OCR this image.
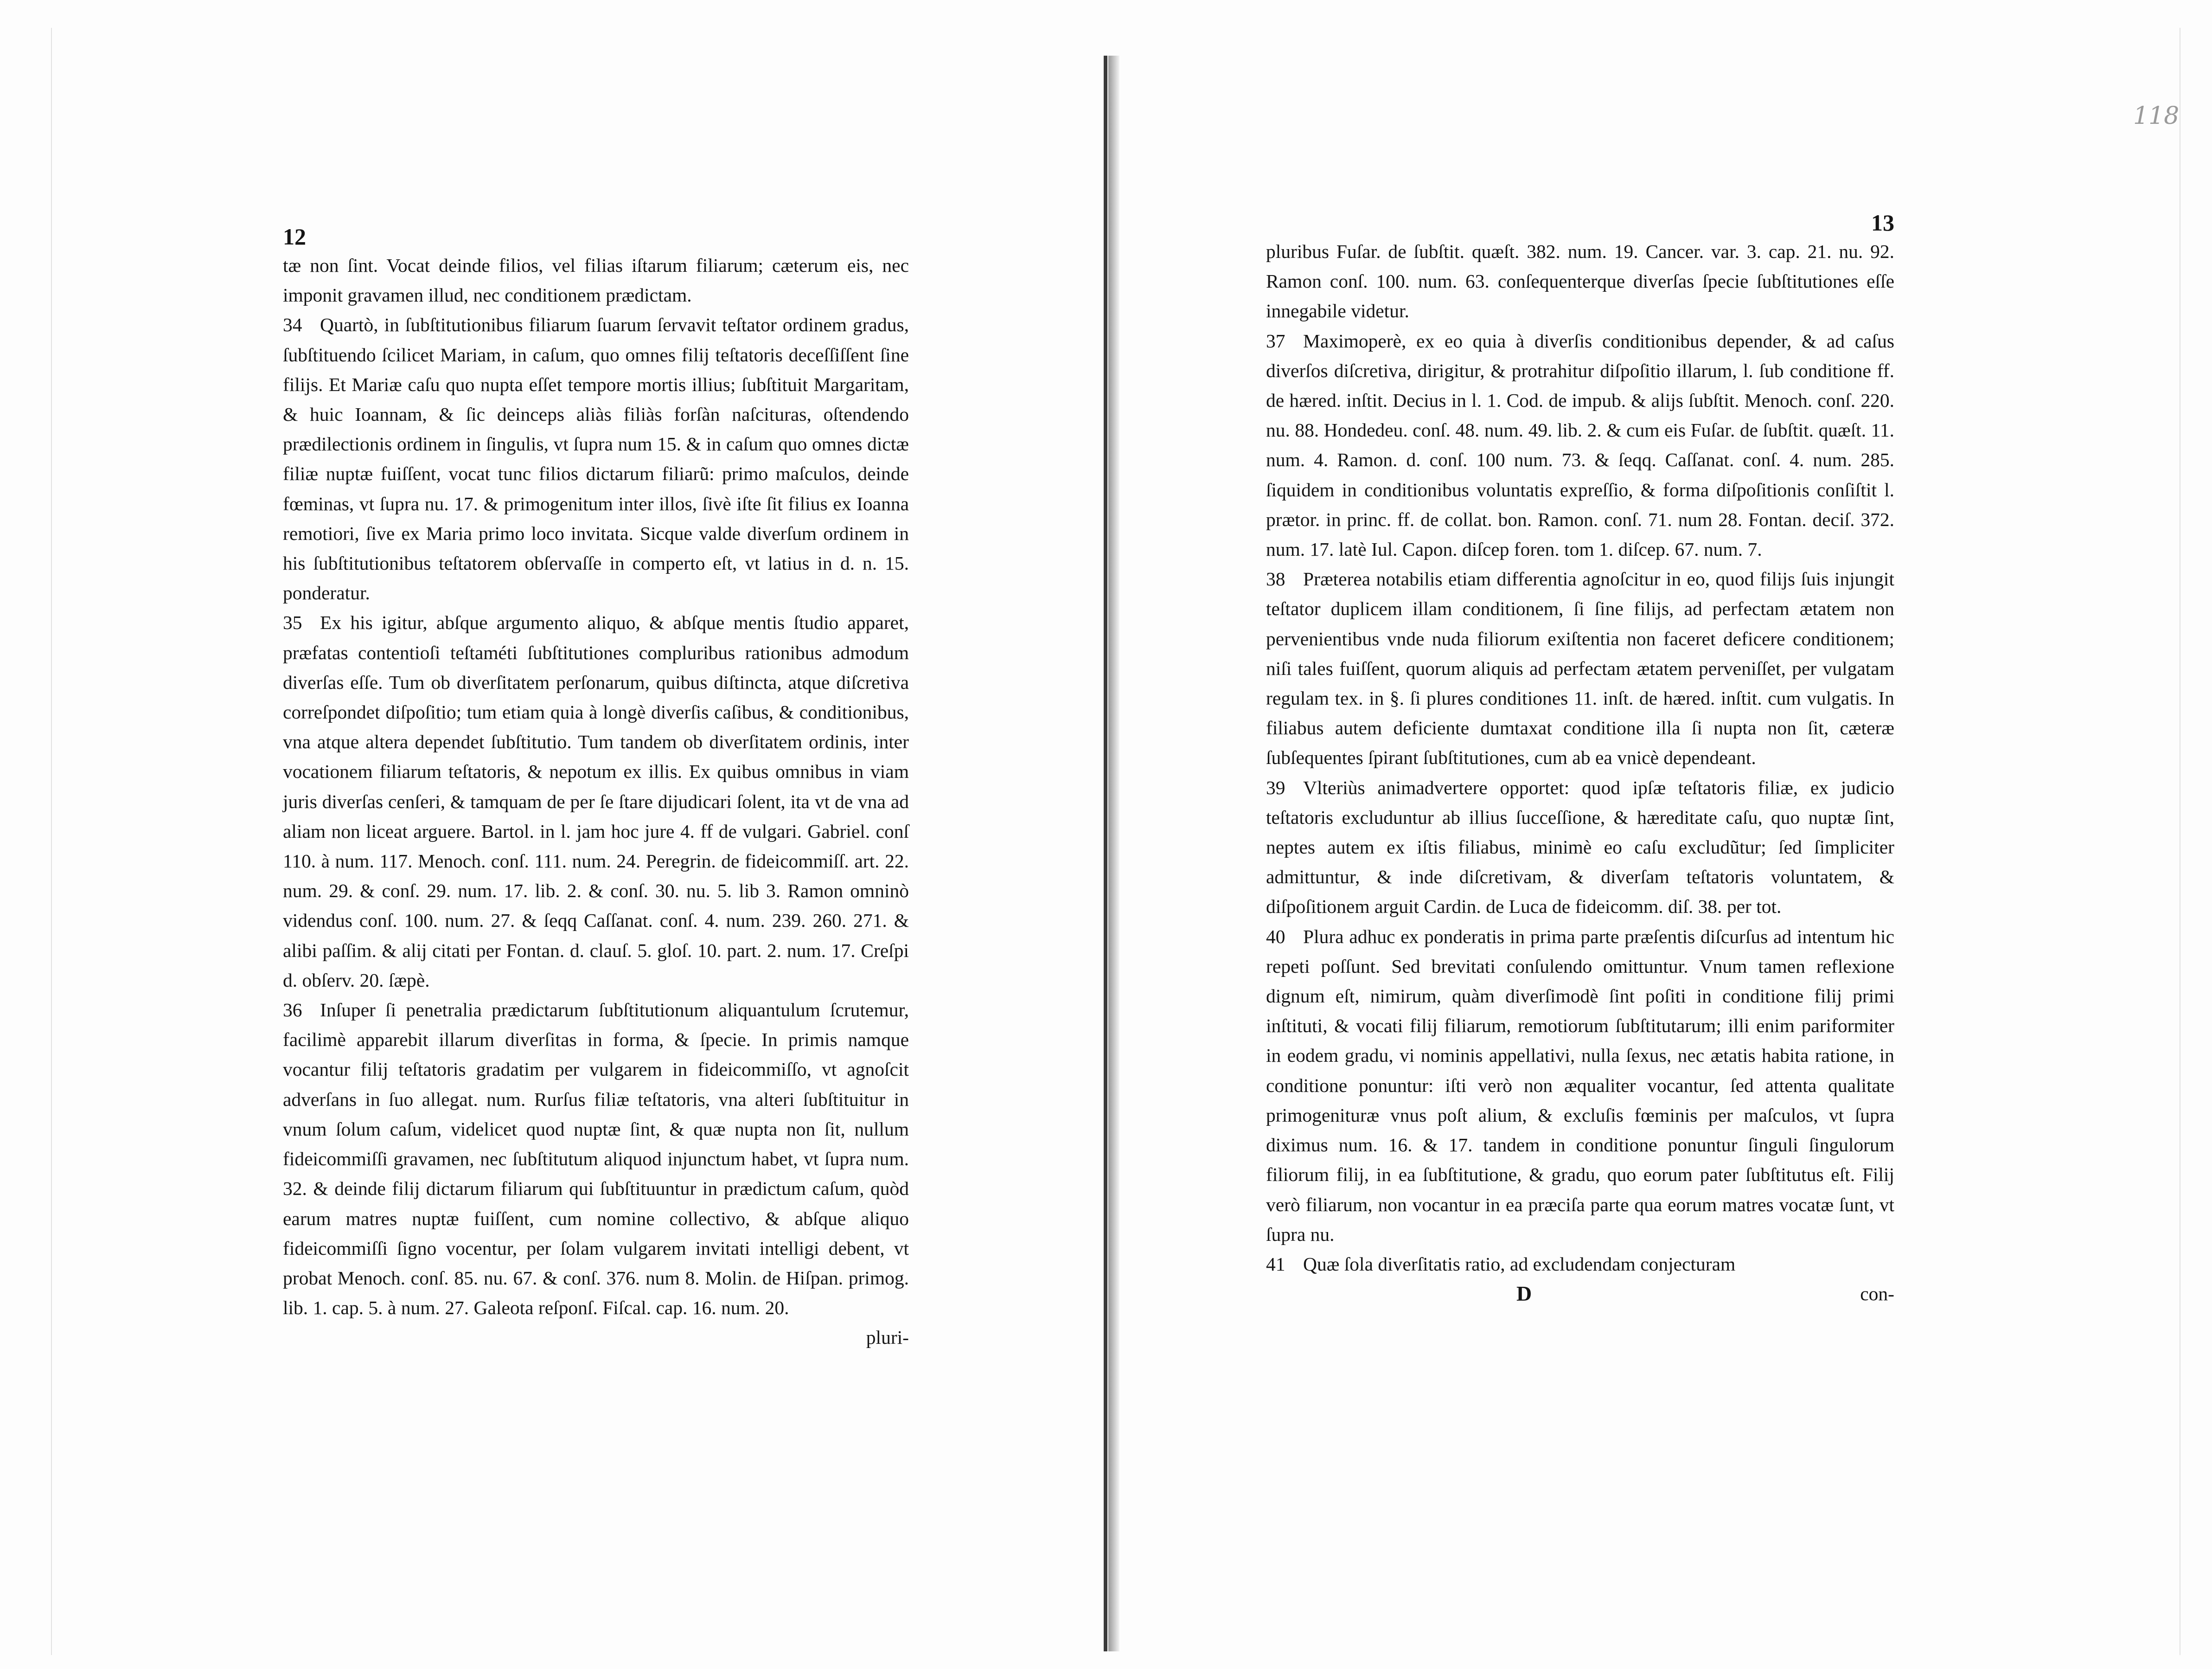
12

tæ non ſint. Vocat deinde filios, vel filias iſtarum filiarum; cæterum eis, nec imponit gravamen illud, nec conditionem prædictam.

34 Quartò, in ſubſtitutionibus filiarum ſuarum ſervavit teſtator ordinem gradus, ſubſtituendo ſcilicet Mariam, in caſum, quo omnes filij teſtatoris deceſſiſſent ſine filijs. Et Mariæ caſu quo nupta eſſet tempore mortis illius; ſubſtituit Margaritam, & huic Ioannam, & ſic deinceps aliàs filiàs forſàn naſcituras, oſtendendo prædilectionis ordinem in ſingulis, vt ſupra num 15. & in caſum quo omnes dictæ filiæ nuptæ fuiſſent, vocat tunc filios dictarum filiarũ: primo maſculos, deinde fœminas, vt ſupra nu. 17. & primogenitum inter illos, ſivè iſte ſit filius ex Ioanna remotiori, ſive ex Maria primo loco invitata. Sicque valde diverſum ordinem in his ſubſtitutionibus teſtatorem obſervaſſe in comperto eſt, vt latius in d. n. 15. ponderatur.

35 Ex his igitur, abſque argumento aliquo, & abſque mentis ſtudio apparet, præfatas contentioſi teſtaméti ſubſtitutiones compluribus rationibus admodum diverſas eſſe. Tum ob diverſitatem perſonarum, quibus diſtincta, atque diſcretiva correſpondet diſpoſitio; tum etiam quia à longè diverſis caſibus, & conditionibus, vna atque altera dependet ſubſtitutio. Tum tandem ob diverſitatem ordinis, inter vocationem filiarum teſtatoris, & nepotum ex illis. Ex quibus omnibus in viam juris diverſas cenſeri, & tamquam de per ſe ſtare dijudicari ſolent, ita vt de vna ad aliam non liceat arguere. Bartol. in l. jam hoc jure 4. ff de vulgari. Gabriel. conſ 110. à num. 117. Menoch. conſ. 111. num. 24. Peregrin. de fideicommiſſ. art. 22. num. 29. & conſ. 29. num. 17. lib. 2. & conſ. 30. nu. 5. lib 3. Ramon omninò videndus conſ. 100. num. 27. & ſeqq Caſſanat. conſ. 4. num. 239. 260. 271. & alibi paſſim. & alij citati per Fontan. d. clauſ. 5. gloſ. 10. part. 2. num. 17. Creſpi d. obſerv. 20. ſæpè.

36 Inſuper ſi penetralia prædictarum ſubſtitutionum aliquantulum ſcrutemur, facilimè apparebit illarum diverſitas in forma, & ſpecie. In primis namque vocantur filij teſtatoris gradatim per vulgarem in fideicommiſſo, vt agnoſcit adverſans in ſuo allegat. num. Rurſus filiæ teſtatoris, vna alteri ſubſtituitur in vnum ſolum caſum, videlicet quod nuptæ ſint, & quæ nupta non ſit, nullum fideicommiſſi gravamen, nec ſubſtitutum aliquod injunctum habet, vt ſupra num. 32. & deinde filij dictarum filiarum qui ſubſtituuntur in prædictum caſum, quòd earum matres nuptæ fuiſſent, cum nomine collectivo, & abſque aliquo fideicommiſſi ſigno vocentur, per ſolam vulgarem invitati intelligi debent, vt probat Menoch. conſ. 85. nu. 67. & conſ. 376. num 8. Molin. de Hiſpan. primog. lib. 1. cap. 5. à num. 27. Galeota reſponſ. Fiſcal. cap. 16. num. 20.

pluri-
13

pluribus Fuſar. de ſubſtit. quæſt. 382. num. 19. Cancer. var. 3. cap. 21. nu. 92. Ramon conſ. 100. num. 63. conſequenterque diverſas ſpecie ſubſtitutiones eſſe innegabile videtur.

37 Maximoperè, ex eo quia à diverſis conditionibus depender, & ad caſus diverſos diſcretiva, dirigitur, & protrahitur diſpoſitio illarum, l. ſub conditione ff. de hæred. inſtit. Decius in l. 1. Cod. de impub. & alijs ſubſtit. Menoch. conſ. 220. nu. 88. Hondedeu. conſ. 48. num. 49. lib. 2. & cum eis Fuſar. de ſubſtit. quæſt. 11. num. 4. Ramon. d. conſ. 100 num. 73. & ſeqq. Caſſanat. conſ. 4. num. 285. ſiquidem in conditionibus voluntatis expreſſio, & forma diſpoſitionis conſiſtit l. prætor. in princ. ff. de collat. bon. Ramon. conſ. 71. num 28. Fontan. deciſ. 372. num. 17. latè Iul. Capon. diſcep foren. tom 1. diſcep. 67. num. 7.

38 Præterea notabilis etiam differentia agnoſcitur in eo, quod filijs ſuis injungit teſtator duplicem illam conditionem, ſi ſine filijs, ad perfectam ætatem non pervenientibus vnde nuda filiorum exiſtentia non faceret deficere conditionem; niſi tales fuiſſent, quorum aliquis ad perfectam ætatem perveniſſet, per vulgatam regulam tex. in §. ſi plures conditiones 11. inſt. de hæred. inſtit. cum vulgatis. In filiabus autem deficiente dumtaxat conditione illa ſi nupta non ſit, cæteræ ſubſequentes ſpirant ſubſtitutiones, cum ab ea vnicè dependeant.

39 Vlteriùs animadvertere opportet: quod ipſæ teſtatoris filiæ, ex judicio teſtatoris excluduntur ab illius ſucceſſione, & hæreditate caſu, quo nuptæ ſint, neptes autem ex iſtis filiabus, minimè eo caſu excludũtur; ſed ſimpliciter admittuntur, & inde diſcretivam, & diverſam teſtatoris voluntatem, & diſpoſitionem arguit Cardin. de Luca de fideicomm. diſ. 38. per tot.

40 Plura adhuc ex ponderatis in prima parte præſentis diſcurſus ad intentum hic repeti poſſunt. Sed brevitati conſulendo omittuntur. Vnum tamen reflexione dignum eſt, nimirum, quàm diverſimodè ſint poſiti in conditione filij primi inſtituti, & vocati filij filiarum, remotiorum ſubſtitutarum; illi enim pariformiter in eodem gradu, vi nominis appellativi, nulla ſexus, nec ætatis habita ratione, in conditione ponuntur: iſti verò non æqualiter vocantur, ſed attenta qualitate primogenituræ vnus poſt alium, & excluſis fœminis per maſculos, vt ſupra diximus num. 16. & 17. tandem in conditione ponuntur ſinguli ſingulorum filiorum filij, in ea ſubſtitutione, & gradu, quo eorum pater ſubſtitutus eſt. Filij verò filiarum, non vocantur in ea præciſa parte qua eorum matres vocatæ ſunt, vt ſupra nu.

41 Quæ ſola diverſitatis ratio, ad excludendam conjecturam

D	con-
118
